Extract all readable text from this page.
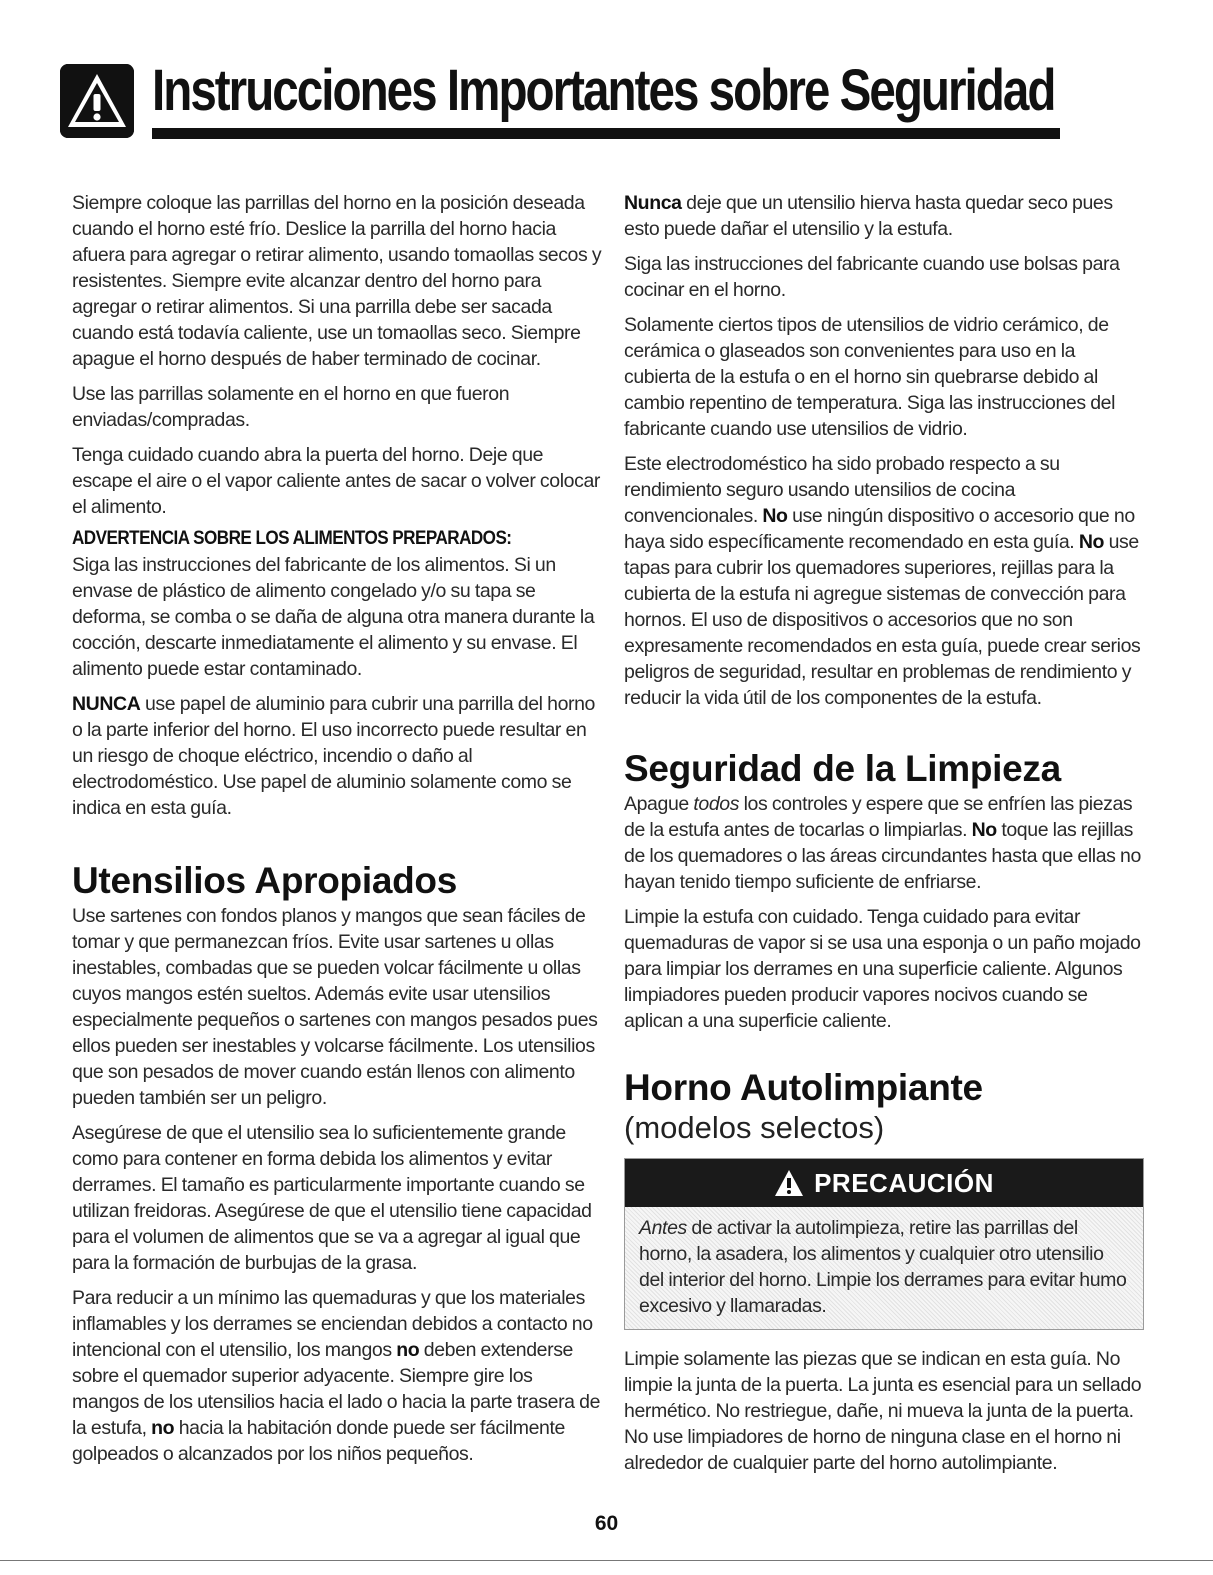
Instrucciones Importantes sobre Seguridad

Siempre coloque las parrillas del horno en la posición deseada cuando el horno esté frío. Deslice la parrilla del horno hacia afuera para agregar o retirar alimento, usando tomaollas secos y resistentes. Siempre evite alcanzar dentro del horno para agregar o retirar alimentos. Si una parrilla debe ser sacada cuando está todavía caliente, use un tomaollas seco. Siempre apague el horno después de haber terminado de cocinar.

Use las parrillas solamente en el horno en que fueron enviadas/compradas.

Tenga cuidado cuando abra la puerta del horno. Deje que escape el aire o el vapor caliente antes de sacar o volver colocar el alimento.

ADVERTENCIA SOBRE LOS ALIMENTOS PREPARADOS:

Siga las instrucciones del fabricante de los alimentos. Si un envase de plástico de alimento congelado y/o su tapa se deforma, se comba o se daña de alguna otra manera durante la cocción, descarte inmediatamente el alimento y su envase. El alimento puede estar contaminado.

NUNCA use papel de aluminio para cubrir una parrilla del horno o la parte inferior del horno. El uso incorrecto puede resultar en un riesgo de choque eléctrico, incendio o daño al electrodoméstico. Use papel de aluminio solamente como se indica en esta guía.

Utensilios Apropiados

Use sartenes con fondos planos y mangos que sean fáciles de tomar y que permanezcan fríos. Evite usar sartenes u ollas inestables, combadas que se pueden volcar fácilmente u ollas cuyos mangos estén sueltos. Además evite usar utensilios especialmente pequeños o sartenes con mangos pesados pues ellos pueden ser inestables y volcarse fácilmente. Los utensilios que son pesados de mover cuando están llenos con alimento pueden también ser un peligro.

Asegúrese de que el utensilio sea lo suficientemente grande como para contener en forma debida los alimentos y evitar derrames. El tamaño es particularmente importante cuando se utilizan freidoras. Asegúrese de que el utensilio tiene capacidad para el volumen de alimentos que se va a agregar al igual que para la formación de burbujas de la grasa.

Para reducir a un mínimo las quemaduras y que los materiales inflamables y los derrames se enciendan debidos a contacto no intencional con el utensilio, los mangos no deben extenderse sobre el quemador superior adyacente. Siempre gire los mangos de los utensilios hacia el lado o hacia la parte trasera de la estufa, no hacia la habitación donde puede ser fácilmente golpeados o alcanzados por los niños pequeños.

Nunca deje que un utensilio hierva hasta quedar seco pues esto puede dañar el utensilio y la estufa.

Siga las instrucciones del fabricante cuando use bolsas para cocinar en el horno.

Solamente ciertos tipos de utensilios de vidrio cerámico, de cerámica o glaseados son convenientes para uso en la cubierta de la estufa o en el horno sin quebrarse debido al cambio repentino de temperatura. Siga las instrucciones del fabricante cuando use utensilios de vidrio.

Este electrodoméstico ha sido probado respecto a su rendimiento seguro usando utensilios de cocina convencionales. No use ningún dispositivo o accesorio que no haya sido específicamente recomendado en esta guía. No use tapas para cubrir los quemadores superiores, rejillas para la cubierta de la estufa ni agregue sistemas de convección para hornos. El uso de dispositivos o accesorios que no son expresamente recomendados en esta guía, puede crear serios peligros de seguridad, resultar en problemas de rendimiento y reducir la vida útil de los componentes de la estufa.

Seguridad de la Limpieza

Apague todos los controles y espere que se enfríen las piezas de la estufa antes de tocarlas o limpiarlas. No toque las rejillas de los quemadores o las áreas circundantes hasta que ellas no hayan tenido tiempo suficiente de enfriarse.

Limpie la estufa con cuidado. Tenga cuidado para evitar quemaduras de vapor si se usa una esponja o un paño mojado para limpiar los derrames en una superficie caliente. Algunos limpiadores pueden producir vapores nocivos cuando se aplican a una superficie caliente.

Horno Autolimpiante
(modelos selectos)
PRECAUCIÓN
Antes de activar la autolimpieza, retire las parrillas del horno, la asadera, los alimentos y cualquier otro utensilio del interior del horno. Limpie los derrames para evitar humo excesivo y llamaradas.

Limpie solamente las piezas que se indican en esta guía. No limpie la junta de la puerta. La junta es esencial para un sellado hermético. No restriegue, dañe, ni mueva la junta de la puerta. No use limpiadores de horno de ninguna clase en el horno ni alrededor de cualquier parte del horno autolimpiante.

60
